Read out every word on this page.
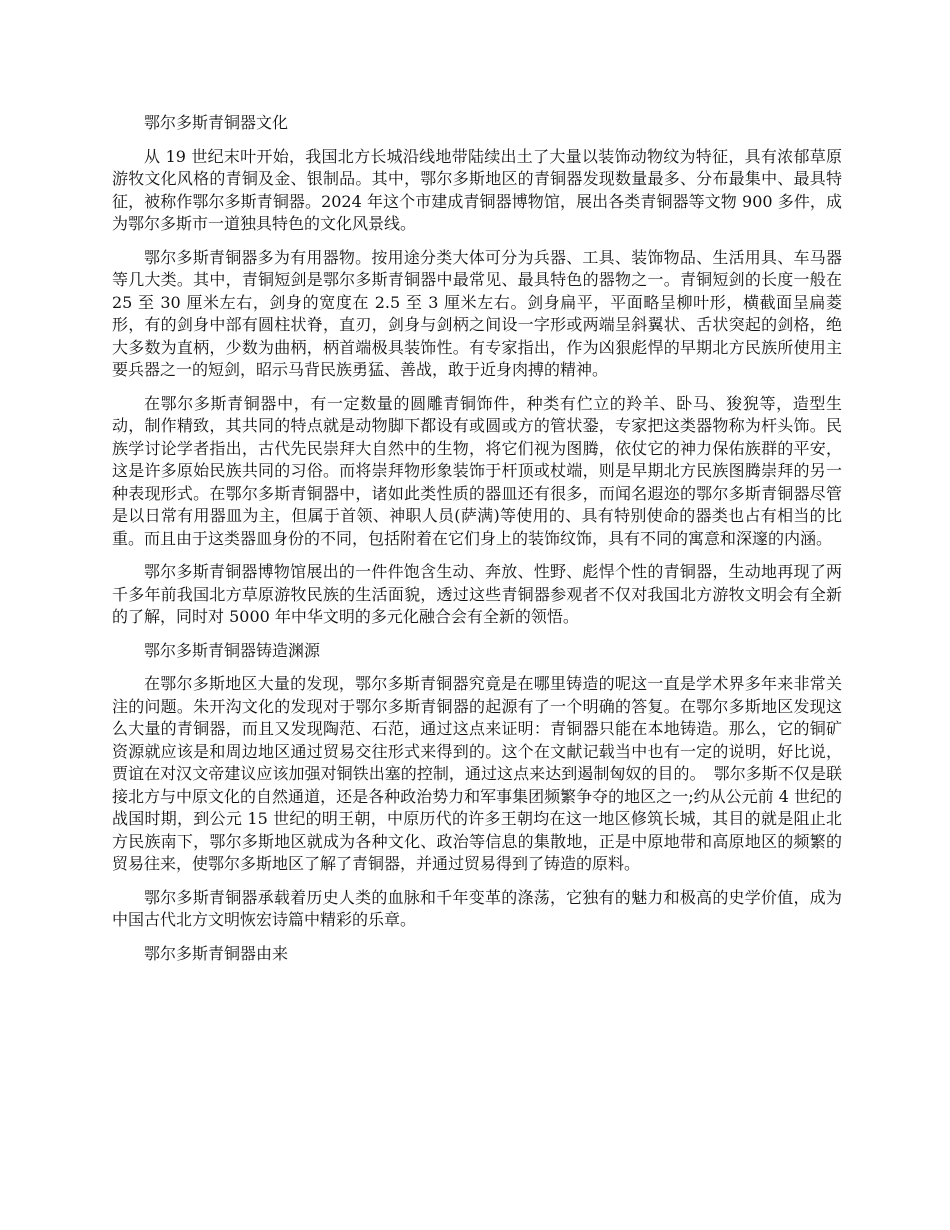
鄂尔多斯青铜器文化

从 19 世纪末叶开始，我国北方长城沿线地带陆续出土了大量以装饰动物纹为特征，具有浓郁草原游牧文化风格的青铜及金、银制品。其中，鄂尔多斯地区的青铜器发现数量最多、分布最集中、最具特征，被称作鄂尔多斯青铜器。2024 年这个市建成青铜器博物馆，展出各类青铜器等文物 900 多件，成为鄂尔多斯市一道独具特色的文化风景线。

鄂尔多斯青铜器多为有用器物。按用途分类大体可分为兵器、工具、装饰物品、生活用具、车马器等几大类。其中，青铜短剑是鄂尔多斯青铜器中最常见、最具特色的器物之一。青铜短剑的长度一般在 25 至 30 厘米左右，剑身的宽度在 2.5 至 3 厘米左右。剑身扁平，平面略呈柳叶形，横截面呈扁菱形，有的剑身中部有圆柱状脊，直刃，剑身与剑柄之间设一字形或两端呈斜翼状、舌状突起的剑格，绝大多数为直柄，少数为曲柄，柄首端极具装饰性。有专家指出，作为凶狠彪悍的早期北方民族所使用主要兵器之一的短剑，昭示马背民族勇猛、善战，敢于近身肉搏的精神。

在鄂尔多斯青铜器中，有一定数量的圆雕青铜饰件，种类有伫立的羚羊、卧马、狻猊等，造型生动，制作精致，其共同的特点就是动物脚下都设有或圆或方的管状銎，专家把这类器物称为杆头饰。民族学讨论学者指出，古代先民崇拜大自然中的生物，将它们视为图腾，依仗它的神力保佑族群的平安，这是许多原始民族共同的习俗。而将崇拜物形象装饰于杆顶或杖端，则是早期北方民族图腾崇拜的另一种表现形式。在鄂尔多斯青铜器中，诸如此类性质的器皿还有很多，而闻名遐迩的鄂尔多斯青铜器尽管是以日常有用器皿为主，但属于首领、神职人员(萨满)等使用的、具有特别使命的器类也占有相当的比重。而且由于这类器皿身份的不同，包括附着在它们身上的装饰纹饰，具有不同的寓意和深邃的内涵。

鄂尔多斯青铜器博物馆展出的一件件饱含生动、奔放、性野、彪悍个性的青铜器，生动地再现了两千多年前我国北方草原游牧民族的生活面貌，透过这些青铜器参观者不仅对我国北方游牧文明会有全新的了解，同时对 5000 年中华文明的多元化融合会有全新的领悟。

鄂尔多斯青铜器铸造渊源

在鄂尔多斯地区大量的发现，鄂尔多斯青铜器究竟是在哪里铸造的呢这一直是学术界多年来非常关注的问题。朱开沟文化的发现对于鄂尔多斯青铜器的起源有了一个明确的答复。在鄂尔多斯地区发现这么大量的青铜器，而且又发现陶范、石范，通过这点来证明：青铜器只能在本地铸造。那么，它的铜矿资源就应该是和周边地区通过贸易交往形式来得到的。这个在文献记载当中也有一定的说明，好比说，贾谊在对汉文帝建议应该加强对铜铁出塞的控制，通过这点来达到遏制匈奴的目的。　鄂尔多斯不仅是联接北方与中原文化的自然通道，还是各种政治势力和军事集团频繁争夺的地区之一;约从公元前 4 世纪的战国时期，到公元 15 世纪的明王朝，中原历代的许多王朝均在这一地区修筑长城，其目的就是阻止北方民族南下，鄂尔多斯地区就成为各种文化、政治等信息的集散地，正是中原地带和高原地区的频繁的贸易往来，使鄂尔多斯地区了解了青铜器，并通过贸易得到了铸造的原料。

鄂尔多斯青铜器承载着历史人类的血脉和千年变革的涤荡，它独有的魅力和极高的史学价值，成为中国古代北方文明恢宏诗篇中精彩的乐章。

鄂尔多斯青铜器由来
